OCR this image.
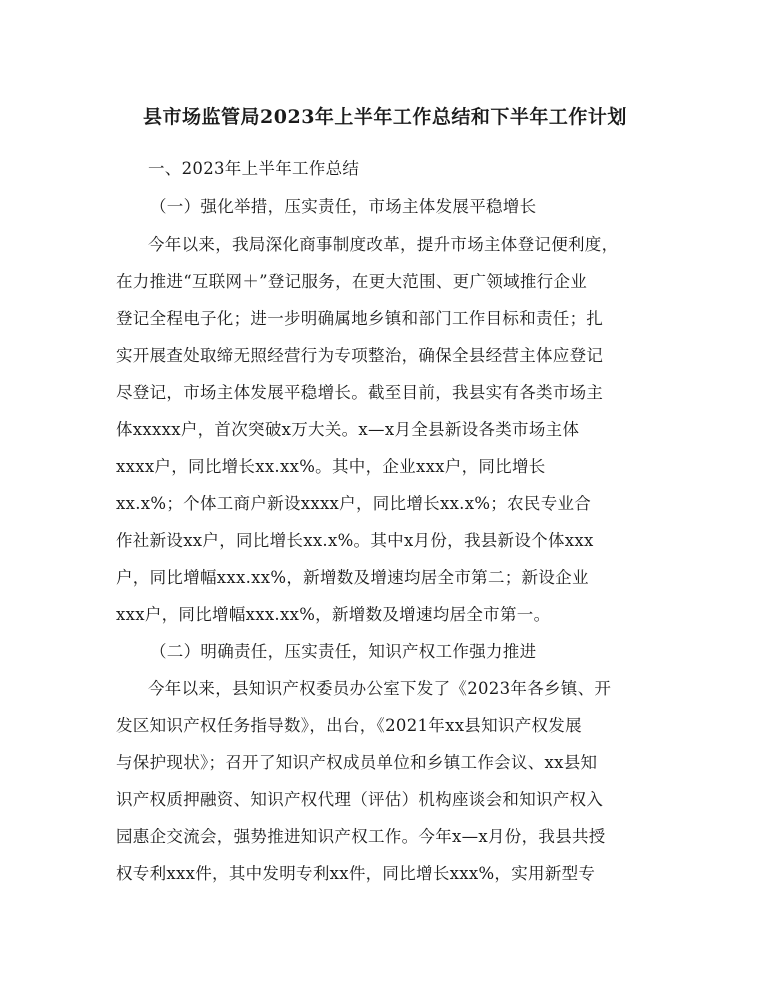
县市场监管局2023年上半年工作总结和下半年工作计划
一、2023年上半年工作总结
（一）强化举措，压实责任，市场主体发展平稳增长
今年以来，我局深化商事制度改革，提升市场主体登记便利度，
在力推进“互联网＋”登记服务，在更大范围、更广领域推行企业
登记全程电子化；进一步明确属地乡镇和部门工作目标和责任；扎
实开展查处取缔无照经营行为专项整治，确保全县经营主体应登记
尽登记，市场主体发展平稳增长。截至目前，我县实有各类市场主
体xxxxx户，首次突破x万大关。x—x月全县新设各类市场主体
xxxx户，同比增长xx.xx%。其中，企业xxx户，同比增长
xx.x%；个体工商户新设xxxx户，同比增长xx.x%；农民专业合
作社新设xx户，同比增长xx.x%。其中x月份，我县新设个体xxx
户，同比增幅xxx.xx%，新增数及增速均居全市第二；新设企业
xxx户，同比增幅xxx.xx%，新增数及增速均居全市第一。
（二）明确责任，压实责任，知识产权工作强力推进
今年以来，县知识产权委员办公室下发了《2023年各乡镇、开
发区知识产权任务指导数》，出台，《2021年xx县知识产权发展
与保护现状》；召开了知识产权成员单位和乡镇工作会议、xx县知
识产权质押融资、知识产权代理（评估）机构座谈会和知识产权入
园惠企交流会，强势推进知识产权工作。今年x—x月份，我县共授
权专利xxx件，其中发明专利xx件，同比增长xxx%，实用新型专
